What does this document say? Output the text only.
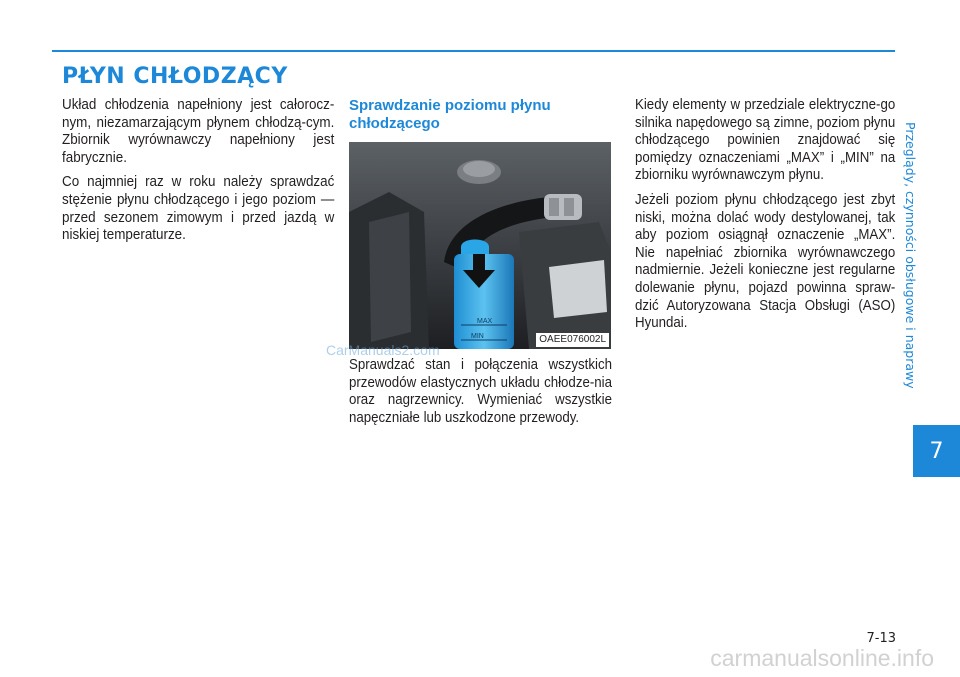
PŁYN CHŁODZĄCY

Układ chłodzenia napełniony jest całorocz-nym, niezamarzającym płynem chłodzą-cym. Zbiornik wyrównawczy napełniony jest fabrycznie.

Co najmniej raz w roku należy sprawdzać stężenie płynu chłodzącego i jego poziom — przed sezonem zimowym i przed jazdą w niskiej temperaturze.

Sprawdzanie poziomu płynu chłodzącego
MAX
MIN	OAEE076002L
CarManuals2.com

Sprawdzać stan i połączenia wszystkich przewodów elastycznych układu chłodze-nia oraz nagrzewnicy. Wymieniać wszystkie napęczniałe lub uszkodzone przewody.

Kiedy elementy w przedziale elektryczne-go silnika napędowego są zimne, poziom płynu chłodzącego powinien znajdować się pomiędzy oznaczeniami „MAX” i „MIN” na zbiorniku wyrównawczym płynu.

Jeżeli poziom płynu chłodzącego jest zbyt niski, można dolać wody destylowanej, tak aby poziom osiągnął oznaczenie „MAX”. Nie napełniać zbiornika wyrównawczego nadmiernie. Jeżeli konieczne jest regularne dolewanie płynu, pojazd powinna spraw-dzić Autoryzowana Stacja Obsługi (ASO) Hyundai.	Przeglądy, czynności obsługowe i naprawy
7
7-13
carmanualsonline.info
